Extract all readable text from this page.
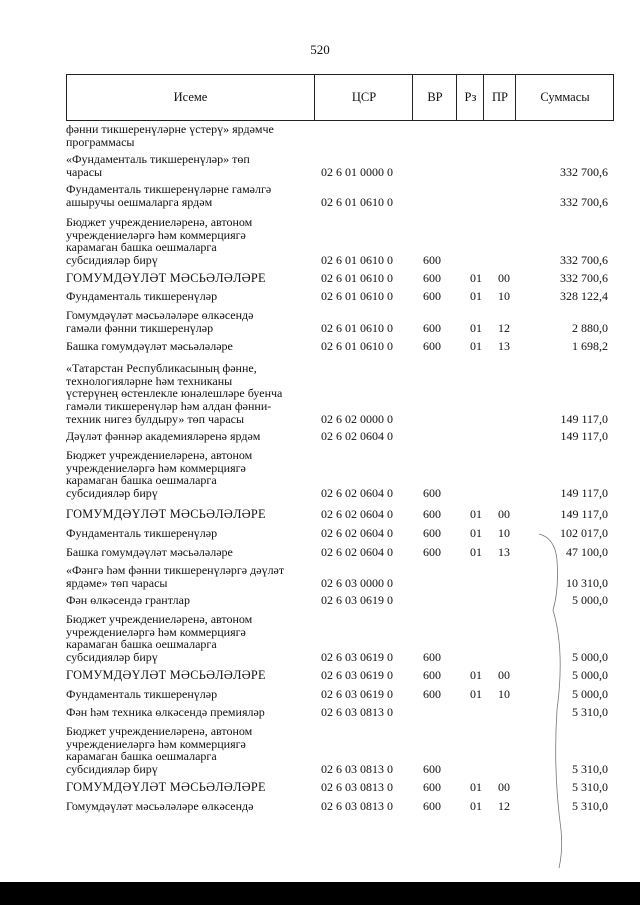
520
Исеме	ЦСР	ВР	Рз	ПР	Суммасы
фәнни тикшеренүләрне үстерү» ярдәмче
программасы
«Фундаменталь тикшеренүләр» төп
чарасы	02 6 01 0000 0	332 700,6
Фундаменталь тикшеренүләрне гамәлгә
ашыручы оешмаларга ярдәм	02 6 01 0610 0	332 700,6
Бюджет учреждениеләренә, автоном
учреждениеләргә һәм коммерциягә
карамаган башка оешмаларга
субсидияләр бирү	02 6 01 0610 0	600	332 700,6
ГОМУМДӘҮЛӘТ МӘСЬӘЛӘЛӘРЕ	02 6 01 0610 0	600 01 00	332 700,6
Фундаменталь тикшеренүләр	02 6 01 0610 0	600 01 10	328 122,4
Гомумдәүләт мәсьәләләре өлкәсендә
гамәли фәнни тикшеренүләр	02 6 01 0610 0	600 01 12	2 880,0
Башка гомумдәүләт мәсьәләләре	02 6 01 0610 0	600 01 13	1 698,2
«Татарстан Республикасының фәнне,
технологияләрне һәм техниканы
үстерүнең өстенлекле юнәлешләре буенча
гамәли тикшеренүләр һәм алдан фәнни-
техник нигез булдыру» төп чарасы	02 6 02 0000 0	149 117,0
Дәүләт фәннәр академияләренә ярдәм	02 6 02 0604 0	149 117,0
Бюджет учреждениеләренә, автоном
учреждениеләргә һәм коммерциягә
карамаган башка оешмаларга
субсидияләр бирү	02 6 02 0604 0	600	149 117,0
ГОМУМДӘҮЛӘТ МӘСЬӘЛӘЛӘРЕ	02 6 02 0604 0	600 01 00	149 117,0
Фундаменталь тикшеренүләр	02 6 02 0604 0	600 01 10	102 017,0
Башка гомумдәүләт мәсьәләләре	02 6 02 0604 0	600 01 13	47 100,0
«Фәнгә һәм фәнни тикшеренүләргә дәүләт
ярдәме» төп чарасы	02 6 03 0000 0	10 310,0
Фән өлкәсендә грантлар	02 6 03 0619 0	5 000,0
Бюджет учреждениеләренә, автоном
учреждениеләргә һәм коммерциягә
карамаган башка оешмаларга
субсидияләр бирү	02 6 03 0619 0	600	5 000,0
ГОМУМДӘҮЛӘТ МӘСЬӘЛӘЛӘРЕ	02 6 03 0619 0	600 01 00	5 000,0
Фундаменталь тикшеренүләр	02 6 03 0619 0	600 01 10	5 000,0
Фән һәм техника өлкәсендә премияләр	02 6 03 0813 0	5 310,0
Бюджет учреждениеләренә, автоном
учреждениеләргә һәм коммерциягә
карамаган башка оешмаларга
субсидияләр бирү	02 6 03 0813 0	600	5 310,0
ГОМУМДӘҮЛӘТ МӘСЬӘЛӘЛӘРЕ	02 6 03 0813 0	600 01 00	5 310,0
Гомумдәүләт мәсьәләләре өлкәсендә	02 6 03 0813 0	600 01 12	5 310,0
